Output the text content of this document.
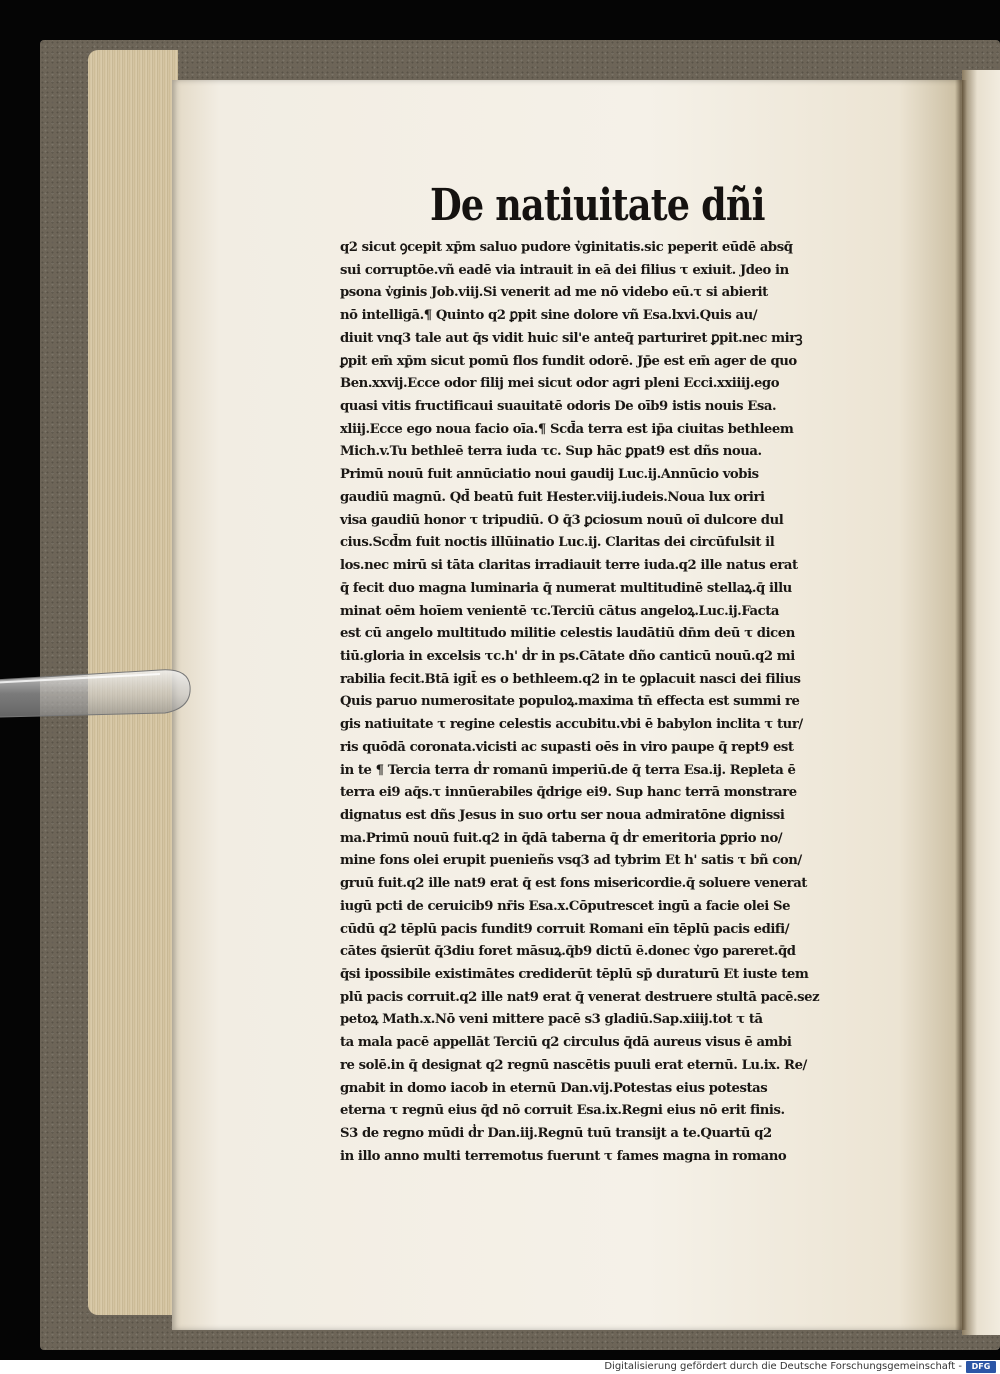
De natiuitate dñi
q2 sicut ꝯcepit xp̄m saluo pudore v̓ginitatis.sic peperit eūdē absq̄
sui corruptōe.vñ eadē via intrauit in eā dei filius τ exiuit. Jdeo in
psona v̓ginis Job.viij.Si venerit ad me nō videbo eū.τ si abierit
nō intelligā.¶ Quinto q2 ꝑpit sine dolore vñ Esa.lxvi.Quis au/
diuit vnq3 tale aut q̄s vidit huic sil'e anteq̄ parturiret ꝑpit.nec mirꝫ
ꝑpit em̄ xp̄m sicut pomū flos fundit odorē. Jp̄e est em̄ ager de quo
Ben.xxvij.Ecce odor filij mei sicut odor agri pleni Ecci.xxiiij.ego
quasi vitis fructificaui suauitatē odoris De oīb9 istis nouis Esa.
xliij.Ecce ego noua facio oīa.¶ Scd̄a terra est ip̄a ciuitas bethleem
Mich.v.Tu bethleē terra iuda τc. Sup hāc ꝑpat9 est dñs noua.
Primū nouū fuit annūciatio noui gaudij Luc.ij.Annūcio vobis
gaudiū magnū. Qd̄ beatū fuit Hester.viij.iudeis.Noua lux oriri
visa gaudiū honor τ tripudiū. O q̄3 ꝑciosum nouū oī dulcore dul
cius.Scd̄m fuit noctis illūinatio Luc.ij. Claritas dei circūfulsit il
los.nec mirū si tāta claritas irradiauit terre iuda.q2 ille natus erat
q̄ fecit duo magna luminaria q̄ numerat multitudinē stellaꝝ.q̄ illu
minat oēm hoīem venientē τc.Terciū cātus angeloꝝ.Luc.ij.Facta
est cū angelo multitudo militie celestis laudātiū dn̄m deū τ dicen
tiū.gloria in excelsis τc.h' d̓r in ps.Cātate dño canticū nouū.q2 mi
rabilia fecit.Btā igit̄ es o bethleem.q2 in te ꝯplacuit nasci dei filius
Quis paruo numerositate populoꝝ.maxima tn̄ effecta est summi re
gis natiuitate τ regine celestis accubitu.vbi ē babylon inclita τ tur/
ris quōdā coronata.vicisti ac supasti oēs in viro paupe q̄ rept9 est
in te ¶ Tercia terra d̓r romanū imperiū.de q̄ terra Esa.ij. Repleta ē
terra ei9 aq̄s.τ innūerabiles q̄drige ei9. Sup hanc terrā monstrare
dignatus est dñs Jesus in suo ortu ser noua admiratōne dignissi
ma.Primū nouū fuit.q2 in q̄dā taberna q̄ d̓r emeritoria ꝑprio no/
mine fons olei erupit puenieñs vsq3 ad tybrim Et h' satis τ bñ con/
gruū fuit.q2 ille nat9 erat q̄ est fons misericordie.q̄ soluere venerat
iugū pcti de ceruicib9 nr̄is Esa.x.Cōputrescet ingū a facie olei Se
cūdū q2 tēplū pacis fundit9 corruit Romani eīn tēplū pacis edifi/
cātes q̄sierūt q̄3diu foret māsuꝝ.q̄b9 dictū ē.donec v̓go pareret.q̄d
q̄si ipossibile existimātes crediderūt tēplū sp̄ duraturū Et iuste tem
plū pacis corruit.q2 ille nat9 erat q̄ venerat destruere stultā pacē.sez
petoꝝ Math.x.Nō veni mittere pacē s3 gladiū.Sap.xiiij.tot τ tā
ta mala pacē appellāt Terciū q2 circulus q̄dā aureus visus ē ambi
re solē.in q̄ designat q2 regnū nascētis puuli erat eternū. Lu.ix. Re/
gnabit in domo iacob in eternū Dan.vij.Potestas eius potestas
eterna τ regnū eius q̄d nō corruit Esa.ix.Regni eius nō erit finis.
S3 de regno mūdi d̓r Dan.iij.Regnū tuū transijt a te.Quartū q2
in illo anno multi terremotus fuerunt τ fames magna in romano
Digitalisierung gefördert durch die Deutsche Forschungsgemeinschaft -	DFG
